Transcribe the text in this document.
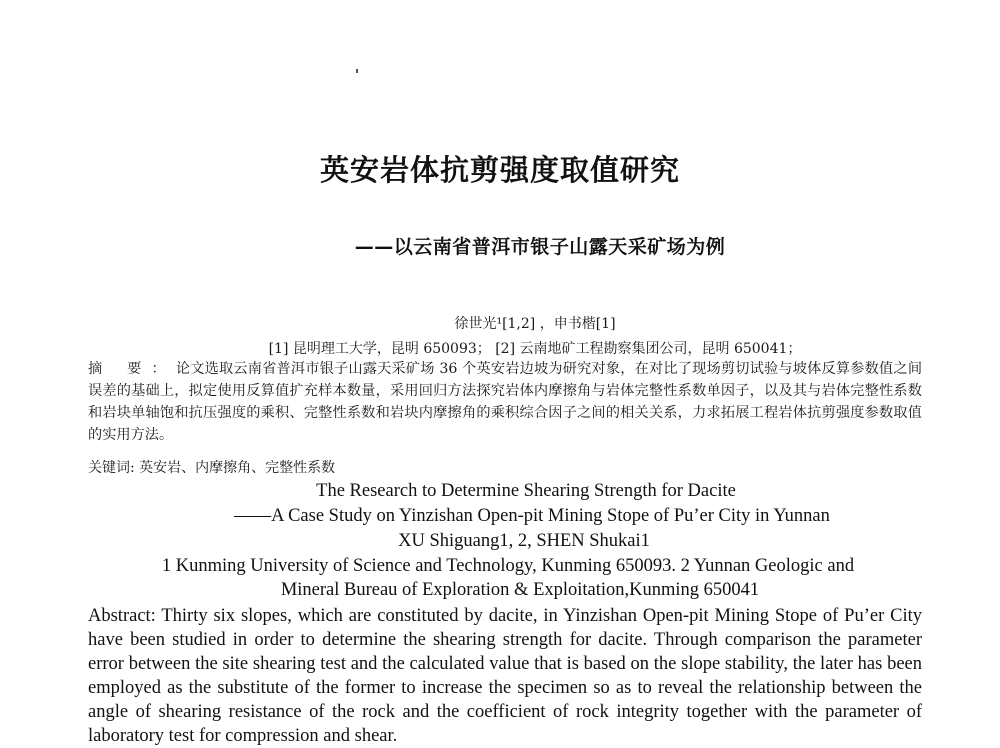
英安岩体抗剪强度取值研究
——以云南省普洱市银子山露天采矿场为例
徐世光¹[1,2] ，申书楷[1]
[1] 昆明理工大学，昆明 650093； [2] 云南地矿工程勘察集团公司，昆明 650041；
摘 要：论文选取云南省普洱市银子山露天采矿场 36 个英安岩边坡为研究对象，在对比了现场剪切试验与坡体反算参数值之间误差的基础上，拟定使用反算值扩充样本数量，采用回归方法探究岩体内摩擦角与岩体完整性系数单因子，以及其与岩体完整性系数和岩块单轴饱和抗压强度的乘积、完整性系数和岩块内摩擦角的乘积综合因子之间的相关关系，力求拓展工程岩体抗剪强度参数取值的实用方法。
关键词: 英安岩、内摩擦角、完整性系数
The Research to Determine Shearing Strength for Dacite
——A Case Study on Yinzishan Open-pit Mining Stope of Pu’er City in Yunnan
XU Shiguang1, 2, SHEN Shukai1
1 Kunming University of Science and Technology, Kunming 650093. 2 Yunnan Geologic and
Mineral Bureau of Exploration & Exploitation,Kunming 650041
Abstract: Thirty six slopes, which are constituted by dacite, in Yinzishan Open-pit Mining Stope of Pu’er City have been studied in order to determine the shearing strength for dacite. Through comparison the parameter error between the site shearing test and the calculated value that is based on the slope stability, the later has been employed as the substitute of the former to increase the specimen so as to reveal the relationship between the angle of shearing resistance of the rock and the coefficient of rock integrity together with the parameter of laboratory test for compression and shear.
